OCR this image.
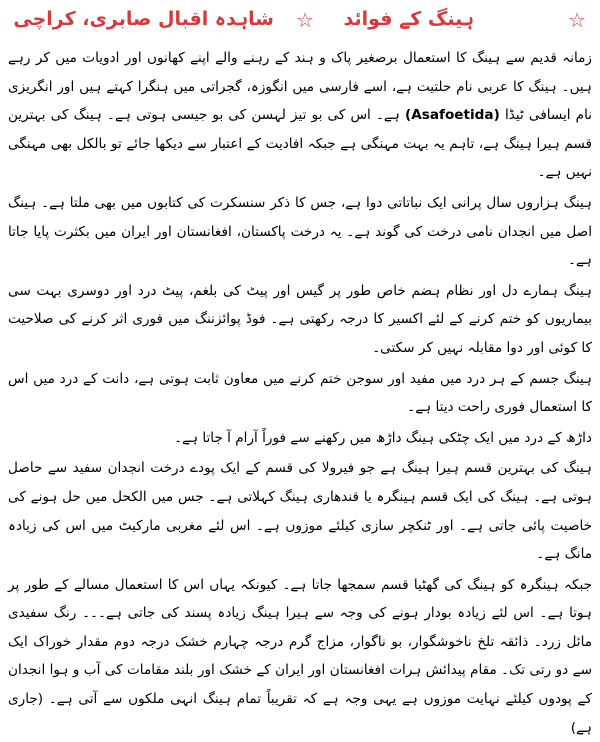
☆
ہینگ کے فوائد
☆
شاہدہ اقبال صابری، کراچی

زمانہ قدیم سے ہینگ کا استعمال برصغیر پاک و ہند کے رہنے والے اپنے کھانوں اور ادویات میں کر رہے ہیں۔ ہینگ کا عربی نام حلتیت ہے، اسے فارسی میں انگوزہ، گجراتی میں ہنگرا کہتے ہیں اور انگریزی نام ایسافی ٹیڈا (Asafoetida) ہے۔ اس کی بو تیز لہسن کی بو جیسی ہوتی ہے۔ ہینگ کی بہترین قسم ہیرا ہینگ ہے، تاہم یہ بہت مہنگی ہے جبکہ افادیت کے اعتبار سے دیکھا جائے تو بالکل بھی مہنگی نہیں ہے۔

ہینگ ہزاروں سال پرانی ایک نباتاتی دوا ہے، جس کا ذکر سنسکرت کی کتابوں میں بھی ملتا ہے۔ ہینگ اصل میں انجدان نامی درخت کی گوند ہے۔ یہ درخت پاکستان، افغانستان اور ایران میں بکثرت پایا جاتا ہے۔

ہینگ ہمارے دل اور نظام ہضم خاص طور پر گیس اور پیٹ کی بلغم، پیٹ درد اور دوسری بہت سی بیماریوں کو ختم کرنے کے لئے اکسیر کا درجہ رکھتی ہے۔ فوڈ پوائزننگ میں فوری اثر کرنے کی صلاحیت کا کوئی اور دوا مقابلہ نہیں کر سکتی۔

ہینگ جسم کے ہر درد میں مفید اور سوجن ختم کرنے میں معاون ثابت ہوتی ہے، دانت کے درد میں اس کا استعمال فوری راحت دیتا ہے۔

داڑھ کے درد میں ایک چٹکی ہینگ داڑھ میں رکھنے سے فوراً آرام آ جاتا ہے۔

ہینگ کی بہترین قسم ہیرا ہینگ ہے جو فیرولا کی قسم کے ایک پودے درخت انجدان سفید سے حاصل ہوتی ہے۔ ہینگ کی ایک قسم ہینگرہ یا قندھاری ہینگ کہلاتی ہے۔ جس میں الکحل میں حل ہونے کی خاصیت پائی جاتی ہے۔ اور ٹنکچر سازی کیلئے موزوں ہے۔ اس لئے مغربی مارکیٹ میں اس کی زیادہ مانگ ہے۔

جبکہ ہینگرہ کو ہینگ کی گھٹیا قسم سمجھا جاتا ہے۔ کیونکہ یہاں اس کا استعمال مسالے کے طور پر ہوتا ہے۔ اس لئے زیادہ بودار ہونے کی وجہ سے ہیرا ہینگ زیادہ پسند کی جاتی ہے۔۔۔ رنگ سفیدی مائل زرد۔ ذائقہ تلخ ناخوشگوار، بو ناگوار، مزاج گرم درجہ چہارم خشک درجہ دوم مقدار خوراک ایک سے دو رتی تک۔ مقام پیدائش ہرات افغانستان اور ایران کے خشک اور بلند مقامات کی آب و ہوا انجدان کے پودوں کیلئے نہایت موزوں ہے یہی وجہ ہے کہ تقریباً تمام ہینگ انہی ملکوں سے آتی ہے۔ (جاری ہے)
